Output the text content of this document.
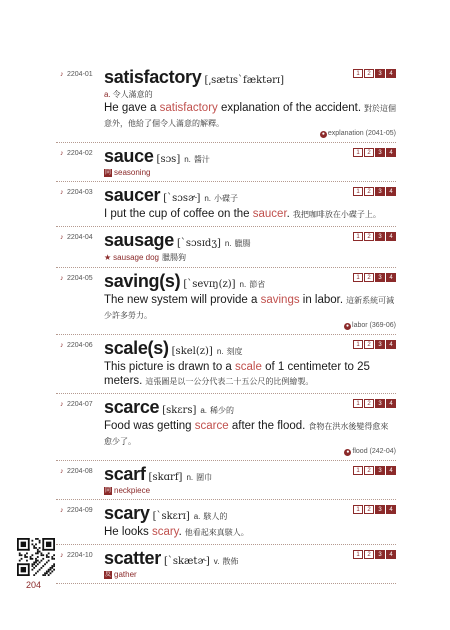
♪ 2204-01	1	2	3	4
satisfactory [͵sætɪs`fæktərɪ]
a. 令人滿意的
He gave a satisfactory explanation of the accident. 對於這個意外，他給了個令人滿意的解釋。
● explanation (2041-05)
♪ 2204-02	1	2	3	4
sauce [sɔs] n. 醬汁
同 seasoning
♪ 2204-03	1	2	3	4
saucer [`sɔsɚ] n. 小碟子
I put the cup of coffee on the saucer. 我把咖啡放在小碟子上。
♪ 2204-04	1	2	3	4
sausage [`sɔsɪdʒ] n. 臘腸
★ sausage dog 臘腸狗
♪ 2204-05	1	2	3	4
saving(s) [`sevɪŋ(z)] n. 節省
The new system will provide a savings in labor. 這新系統可減少許多勞力。
● labor (369-06)
♪ 2204-06	1	2	3	4
scale(s) [skel(z)] n. 刻度
This picture is drawn to a scale of 1 centimeter to 25 meters. 這張圖是以一公分代表二十五公尺的比例繪製。
♪ 2204-07	1	2	3	4
scarce [skɛrs] a. 稀少的
Food was getting scarce after the flood. 食物在洪水後變得愈來愈少了。
● flood (242-04)
♪ 2204-08	1	2	3	4
scarf [skɑrf] n. 圍巾
同 neckpiece
♪ 2204-09	1	2	3	4
scary [`skɛrɪ] a. 駭人的
He looks scary. 他看起來真駭人。
♪ 2204-10	1	2	3	4
scatter [`skætɚ] v. 散佈
反 gather
204
